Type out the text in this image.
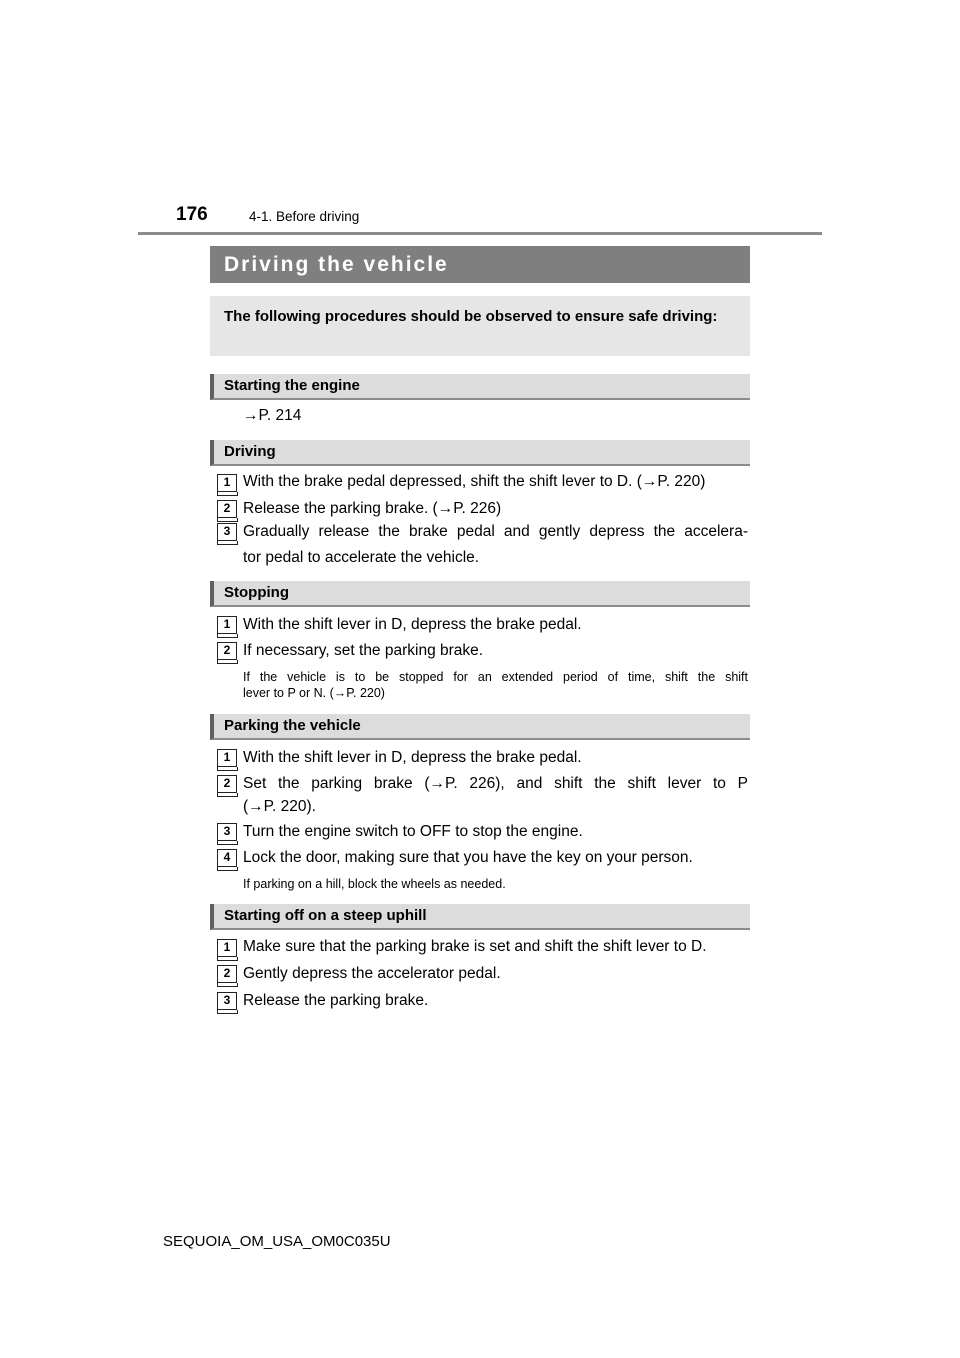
176	4-1. Before driving
Driving the vehicle
The following procedures should be observed to ensure safe driving:
Starting the engine
→P. 214
Driving
1 With the brake pedal depressed, shift the shift lever to D. (→P. 220)
2 Release the parking brake. (→P. 226)
3 Gradually release the brake pedal and gently depress the accelera-
tor pedal to accelerate the vehicle.
Stopping
1 With the shift lever in D, depress the brake pedal.
2 If necessary, set the parking brake.
If the vehicle is to be stopped for an extended period of time, shift the shift
lever to P or N. (→P. 220)
Parking the vehicle
1 With the shift lever in D, depress the brake pedal.
2 Set the parking brake (→P. 226), and shift the shift lever to P
(→P. 220).
3 Turn the engine switch to OFF to stop the engine.
4 Lock the door, making sure that you have the key on your person.
If parking on a hill, block the wheels as needed.
Starting off on a steep uphill
1 Make sure that the parking brake is set and shift the shift lever to D.
2 Gently depress the accelerator pedal.
3 Release the parking brake.
SEQUOIA_OM_USA_OM0C035U
